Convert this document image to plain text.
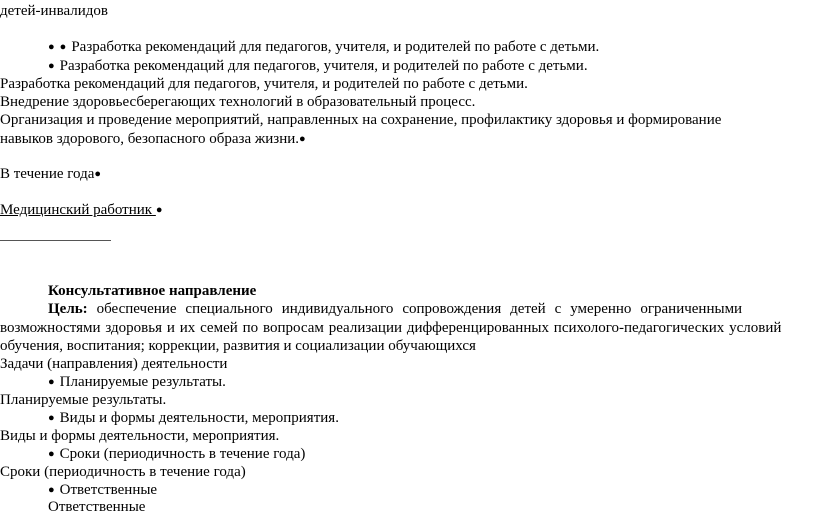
детей-инвалидов
● ● Разработка рекомендаций для педагогов, учителя, и родителей по работе с детьми.
● Разработка рекомендаций для педагогов, учителя, и родителей по работе с детьми.
Разработка рекомендаций для педагогов, учителя, и родителей по работе с детьми.
Внедрение здоровьесберегающих технологий в образовательный процесс.
Организация и проведение мероприятий, направленных на сохранение, профилактику здоровья и формирование
навыков здорового, безопасного образа жизни.●
В течение года●
Медицинский работник ●
Консультативное направление
Цель: обеспечение специального индивидуального сопровождения детей с умеренно ограниченными
возможностями здоровья и их семей по вопросам реализации дифференцированных психолого-педагогических условий
обучения, воспитания; коррекции, развития и социализации обучающихся
Задачи (направления) деятельности
● Планируемые результаты.
Планируемые результаты.
● Виды и формы деятельности, мероприятия.
Виды и формы деятельности, мероприятия.
● Сроки (периодичность в течение года)
Сроки (периодичность в течение года)
● Ответственные
Ответственные
